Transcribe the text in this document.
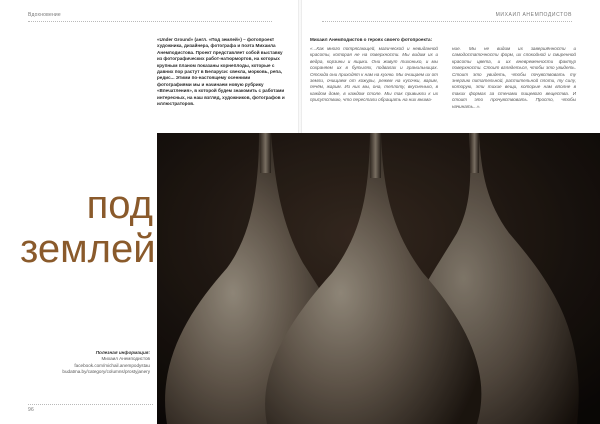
Вдохновение
«Under Ground» (англ. «Под землей») – фотопроект художника, дизайнера, фотографа и поэта Михаила Анемподистова. Проект представляет собой выставку из фотографических работ-натюрмортов, на которых крупным планом показаны корнеплоды, которые с давних пор растут в Беларуси: свекла, морковь, репа, редис... Этими по-настоящему осенними фотографиями мы и начинаем новую рубрику «Впечатления», в которой будем знакомить с работами интересных, на наш взгляд, художников, фотографов и иллюстраторов.
под
землей
Полезная информация:
Михаил Анемподистов
facebook.com/michail.anempodystau
budatma.by/category/columns/prostyjanery
96
МИХАИЛ АНЕМПОДИСТОВ
Михаил Анемподистов о героях своего фотопроекта:
«...Как много потрясающей, магической и невиданной красоты, которая не на поверхности. Мы видим их и ведра, корзины и ящики. Они живут тихонько, и мы сохраняем их в бутылях, подвалах и гранильницах. Отсюда они приходят к нам на кухню. Мы очищаем их от земли, очищаем от кожуры, режем на кусочки, варим, печём, жарим. Из них мы, она, теплоту, вкусненько, в каждом доме, в каждом столе. Мы так привыкли к их присутствию, что перестали обращать на них внима-
ние. Мы не видим их завершённости и самодостаточности форм, их спокойной и смиренной красоты цвета, и их вневременности фактур поверхности. Стоит вглядеться, чтобы это увидеть. Стоит это увидеть, чтобы почувствовать ту энергию питательной, растительной плоти, ту силу, которую, эти тихие вещи, которые нам вполне в таких формах за стенами пищевого вещества. И стоит это прочувствовать. Просто, чтобы начинать...».
